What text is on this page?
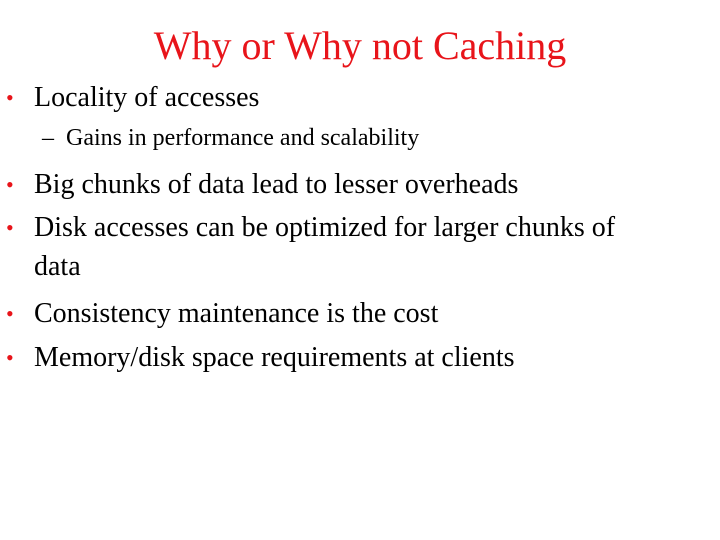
Why or Why not Caching
• Locality of accesses
– Gains in performance and scalability
• Big chunks of data lead to lesser overheads
• Disk accesses can be optimized for larger chunks of
data
• Consistency maintenance is the cost
• Memory/disk space requirements at clients
